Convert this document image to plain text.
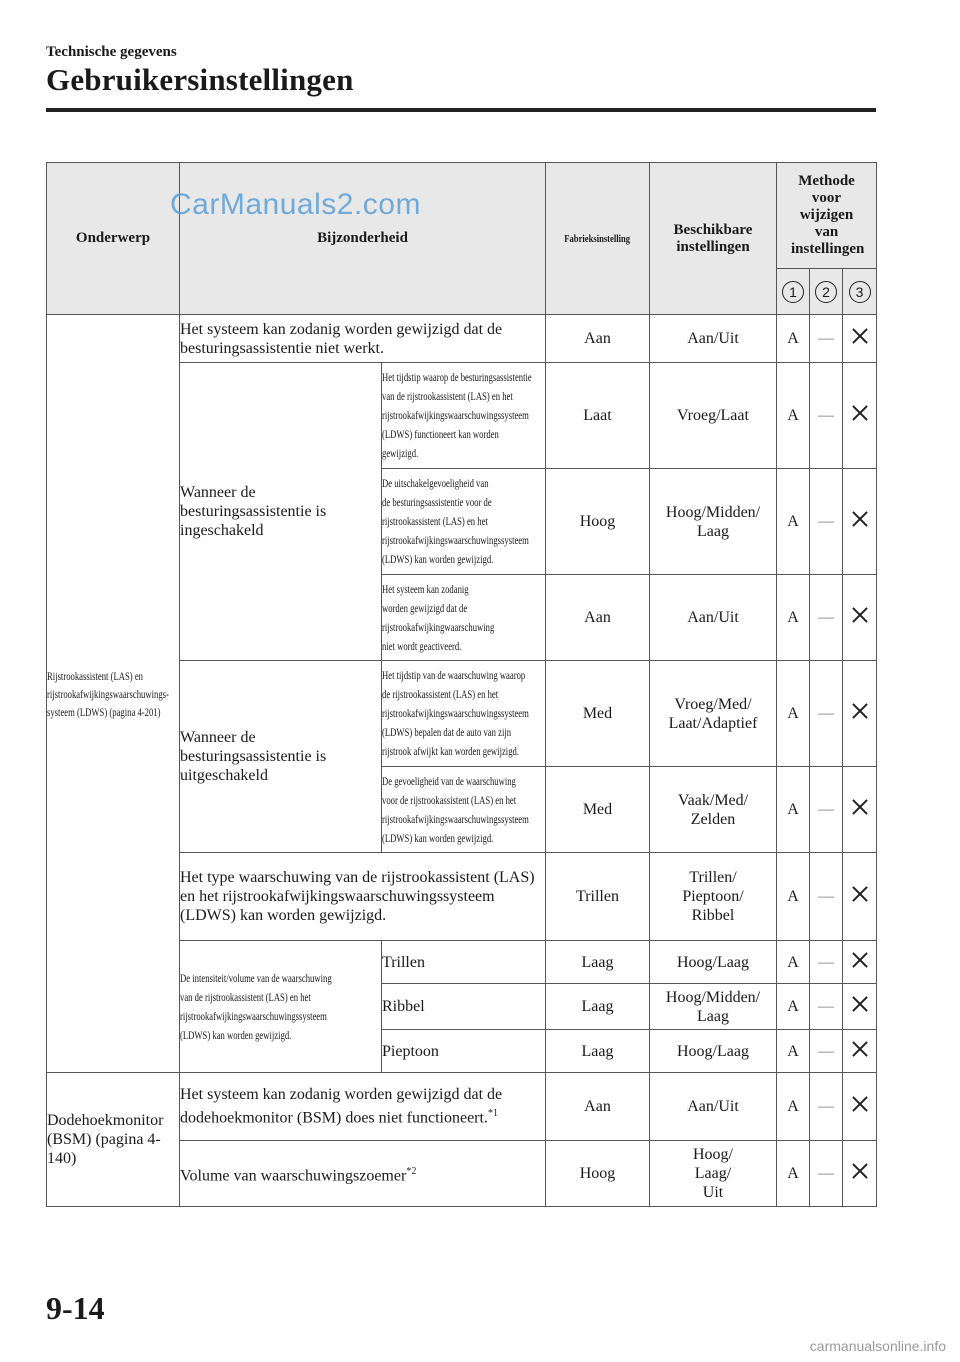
Technische gegevens
Gebruikersinstellingen
Onderwerp	Bijzonderheid		Fabrieksinstelling	Beschikbare instellingen	Methode voor wijzigen van instellingen		
					1	2	3

Rijstrookassistent (LAS) en
rijstrookafwijkingswaarschuwings-
systeem (LDWS) (pagina 4-201)	Het systeem kan zodanig worden gewijzigd dat de besturingsassistentie niet werkt.		Aan	Aan/Uit	A	—	
	Wanneer de besturingsassistentie is ingeschakeld	Het tijdstip waarop de besturingsassistentie
van de rijstrookassistent (LAS) en het
rijstrookafwijkingswaarschuwingssysteem
(LDWS) functioneert kan worden
gewijzigd.	Laat	Vroeg/Laat	A	—	

		De uitschakelgevoeligheid van
de besturingsassistentie voor de
rijstrookassistent (LAS) en het
rijstrookafwijkingswaarschuwingssysteem
(LDWS) kan worden gewijzigd.	Hoog	Hoog/Midden/ Laag	A	—	

		Het systeem kan zodanig
worden gewijzigd dat de
rijstrookafwijkingwaarschuwing
niet wordt geactiveerd.	Aan	Aan/Uit	A	—	
	Wanneer de besturingsassistentie is uitgeschakeld	Het tijdstip van de waarschuwing waarop
de rijstrookassistent (LAS) en het
rijstrookafwijkingswaarschuwingssysteem
(LDWS) bepalen dat de auto van zijn
rijstrook afwijkt kan worden gewijzigd.	Med	Vroeg/Med/ Laat/Adaptief	A	—	

		De gevoeligheid van de waarschuwing
voor de rijstrookassistent (LAS) en het
rijstrookafwijkingswaarschuwingssysteem
(LDWS) kan worden gewijzigd.	Med	Vaak/Med/ Zelden	A	—	
	Het type waarschuwing van de rijstrookassistent (LAS) en het rijstrookafwijkingswaarschuwingssysteem (LDWS) kan worden gewijzigd.		Trillen	Trillen/ Pieptoon/ Ribbel	A	—	

	De intensiteit/volume van de waarschuwing
van de rijstrookassistent (LAS) en het
rijstrookafwijkingswaarschuwingssysteem
(LDWS) kan worden gewijzigd.	Trillen	Laag	Hoog/Laag	A	—	
		Ribbel	Laag	Hoog/Midden/ Laag	A	—	
		Pieptoon	Laag	Hoog/Laag	A	—	
Dodehoekmonitor (BSM) (pagina 4-140)	Het systeem kan zodanig worden gewijzigd dat de dodehoekmonitor (BSM) does niet functioneert.$^{*1}$		Aan	Aan/Uit	A	—	
	Volume van waarschuwingszoemer$^{*2}$		Hoog	Hoog/ Laag/ Uit	A	—	
CarManuals2.com
9-14
carmanualsonline.info
